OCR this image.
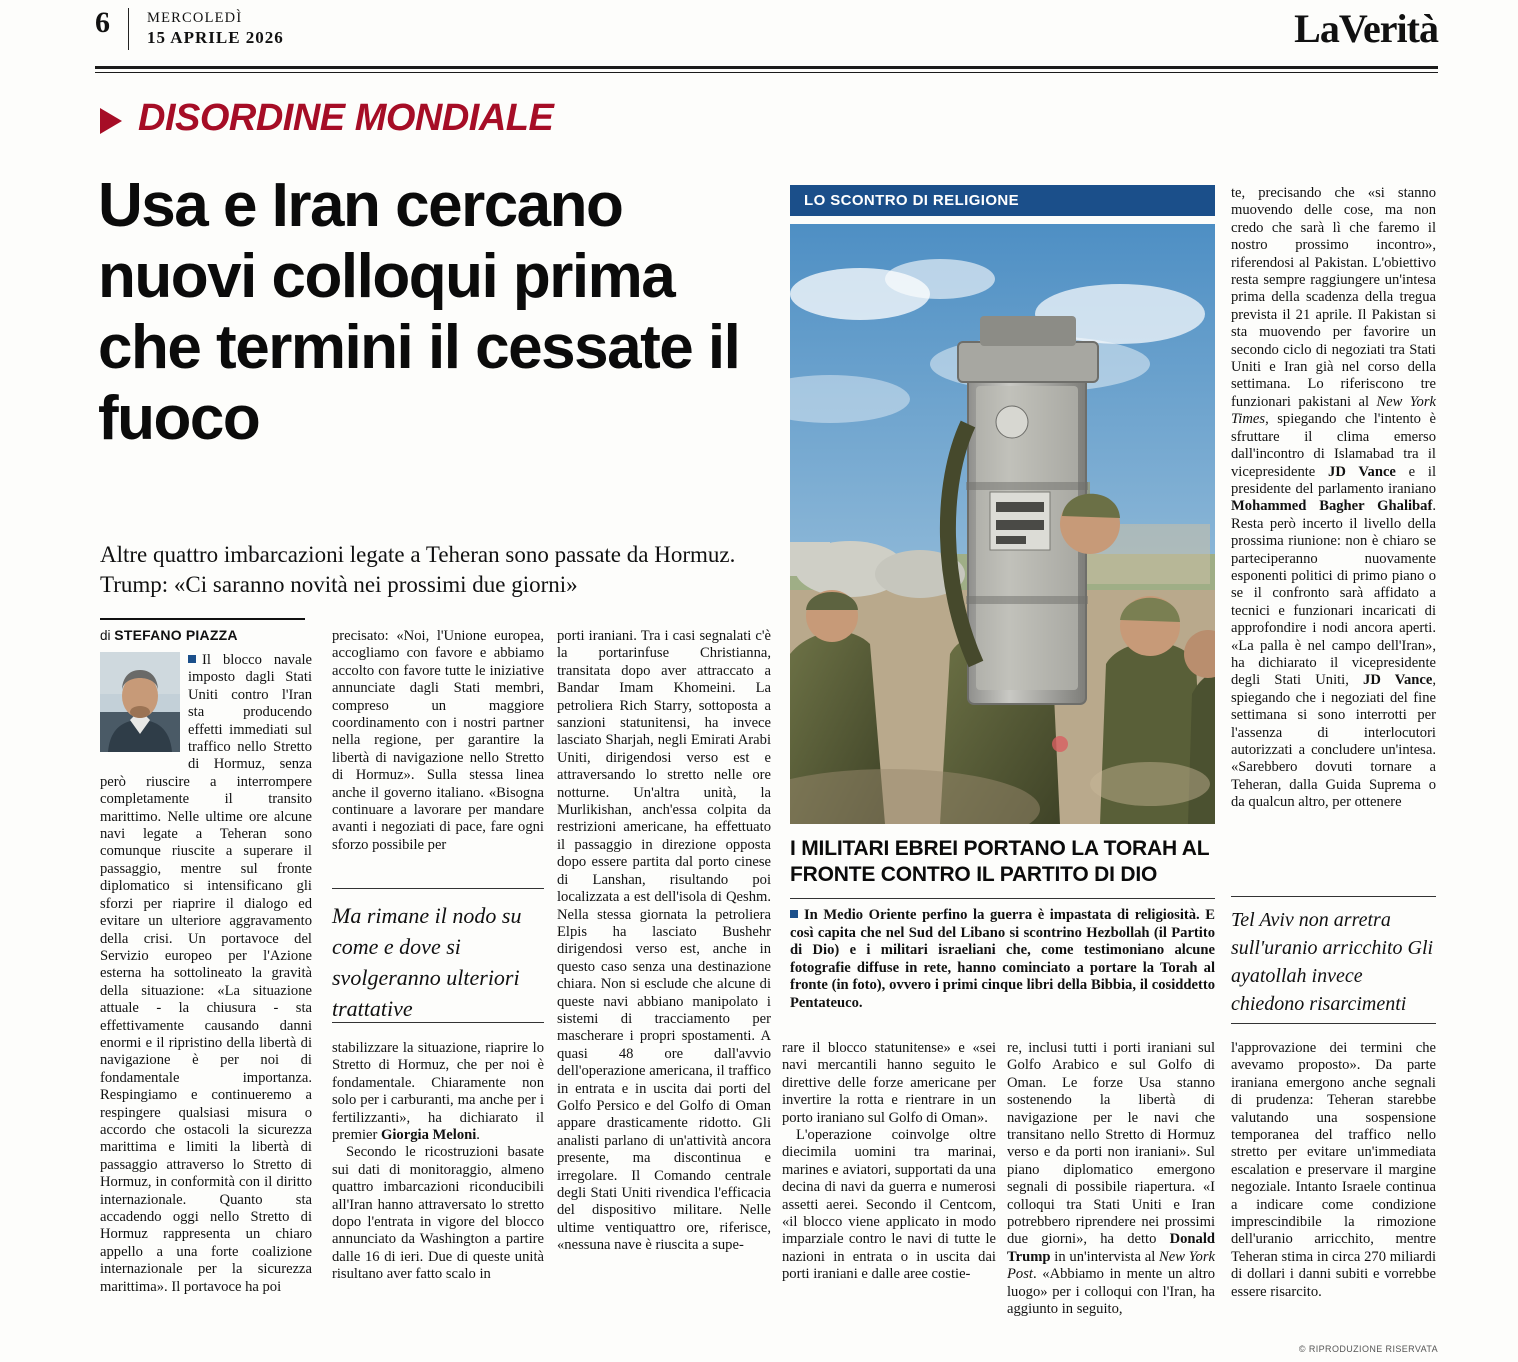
6	MERCOLEDÌ
15 APRILE 2026	LaVerità
DISORDINE MONDIALE
Usa e Iran cercano nuovi colloqui prima che termini il cessate il fuoco
Altre quattro imbarcazioni legate a Teheran sono passate da Hormuz. Trump: «Ci saranno novità nei prossimi due giorni»
di STEFANO PIAZZA

Il blocco navale imposto dagli Stati Uniti contro l'Iran sta producendo effetti immediati sul traffico nello Stretto di Hormuz, senza però riuscire a interrompere completamente il transito marittimo. Nelle ultime ore alcune navi legate a Teheran sono comunque riuscite a superare il passaggio, mentre sul fronte diplomatico si intensificano gli sforzi per riaprire il dialogo ed evitare un ulteriore aggravamento della crisi. Un portavoce del Servizio europeo per l'Azione esterna ha sottolineato la gravità della situazione: «La situazione attuale - la chiusura - sta effettivamente causando danni enormi e il ripristino della libertà di navigazione è per noi di fondamentale importanza. Respingiamo e continueremo a respingere qualsiasi misura o accordo che ostacoli la sicurezza marittima e limiti la libertà di passaggio attraverso lo Stretto di Hormuz, in conformità con il diritto internazionale. Quanto sta accadendo oggi nello Stretto di Hormuz rappresenta un chiaro appello a una forte coalizione internazionale per la sicurezza marittima». Il portavoce ha poi

precisato: «Noi, l'Unione europea, accogliamo con favore e abbiamo accolto con favore tutte le iniziative annunciate dagli Stati membri, compreso un maggiore coordinamento con i nostri partner nella regione, per garantire la libertà di navigazione nello Stretto di Hormuz». Sulla stessa linea anche il governo italiano. «Bisogna continuare a lavorare per mandare avanti i negoziati di pace, fare ogni sforzo possibile per

Ma rimane il nodo su come e dove si svolgeranno ulteriori trattative

stabilizzare la situazione, riaprire lo Stretto di Hormuz, che per noi è fondamentale. Chiaramente non solo per i carburanti, ma anche per i fertilizzanti», ha dichiarato il premier Giorgia Meloni.

Secondo le ricostruzioni basate sui dati di monitoraggio, almeno quattro imbarcazioni riconducibili all'Iran hanno attraversato lo stretto dopo l'entrata in vigore del blocco annunciato da Washington a partire dalle 16 di ieri. Due di queste unità risultano aver fatto scalo in

porti iraniani. Tra i casi segnalati c'è la portarinfuse Christianna, transitata dopo aver attraccato a Bandar Imam Khomeini. La petroliera Rich Starry, sottoposta a sanzioni statunitensi, ha invece lasciato Sharjah, negli Emirati Arabi Uniti, dirigendosi verso est e attraversando lo stretto nelle ore notturne. Un'altra unità, la Murlikishan, anch'essa colpita da restrizioni americane, ha effettuato il passaggio in direzione opposta dopo essere partita dal porto cinese di Lanshan, risultando poi localizzata a est dell'isola di Qeshm. Nella stessa giornata la petroliera Elpis ha lasciato Bushehr dirigendosi verso est, anche in questo caso senza una destinazione chiara. Non si esclude che alcune di queste navi abbiano manipolato i sistemi di tracciamento per mascherare i propri spostamenti. A quasi 48 ore dall'avvio dell'operazione americana, il traffico in entrata e in uscita dai porti del Golfo Persico e del Golfo di Oman appare drasticamente ridotto. Gli analisti parlano di un'attività ancora presente, ma discontinua e irregolare. Il Comando centrale degli Stati Uniti rivendica l'efficacia del dispositivo militare. Nelle ultime ventiquattro ore, riferisce, «nessuna nave è riuscita a supe-

LO SCONTRO DI RELIGIONE
I MILITARI EBREI PORTANO LA TORAH AL FRONTE CONTRO IL PARTITO DI DIO
In Medio Oriente perfino la guerra è impastata di religiosità. E così capita che nel Sud del Libano si scontrino Hezbollah (il Partito di Dio) e i militari israeliani che, come testimoniano alcune fotografie diffuse in rete, hanno cominciato a portare la Torah al fronte (in foto), ovvero i primi cinque libri della Bibbia, il cosiddetto Pentateuco.

rare il blocco statunitense» e «sei navi mercantili hanno seguito le direttive delle forze americane per invertire la rotta e rientrare in un porto iraniano sul Golfo di Oman».

L'operazione coinvolge oltre diecimila uomini tra marinai, marines e aviatori, supportati da una decina di navi da guerra e numerosi assetti aerei. Secondo il Centcom, «il blocco viene applicato in modo imparziale contro le navi di tutte le nazioni in entrata o in uscita dai porti iraniani e dalle aree costie-

re, inclusi tutti i porti iraniani sul Golfo Arabico e sul Golfo di Oman. Le forze Usa stanno sostenendo la libertà di navigazione per le navi che transitano nello Stretto di Hormuz verso e da porti non iraniani». Sul piano diplomatico emergono segnali di possibile riapertura. «I colloqui tra Stati Uniti e Iran potrebbero riprendere nei prossimi due giorni», ha detto Donald Trump in un'intervista al New York Post. «Abbiamo in mente un altro luogo» per i colloqui con l'Iran, ha aggiunto in seguito,

te, precisando che «si stanno muovendo delle cose, ma non credo che sarà lì che faremo il nostro prossimo incontro», riferendosi al Pakistan. L'obiettivo resta sempre raggiungere un'intesa prima della scadenza della tregua prevista il 21 aprile. Il Pakistan si sta muovendo per favorire un secondo ciclo di negoziati tra Stati Uniti e Iran già nel corso della settimana. Lo riferiscono tre funzionari pakistani al New York Times, spiegando che l'intento è sfruttare il clima emerso dall'incontro di Islamabad tra il vicepresidente JD Vance e il presidente del parlamento iraniano Mohammed Bagher Ghalibaf. Resta però incerto il livello della prossima riunione: non è chiaro se parteciperanno nuovamente esponenti politici di primo piano o se il confronto sarà affidato a tecnici e funzionari incaricati di approfondire i nodi ancora aperti. «La palla è nel campo dell'Iran», ha dichiarato il vicepresidente degli Stati Uniti, JD Vance, spiegando che i negoziati del fine settimana si sono interrotti per l'assenza di interlocutori autorizzati a concludere un'intesa. «Sarebbero dovuti tornare a Teheran, dalla Guida Suprema o da qualcun altro, per ottenere

Tel Aviv non arretra sull'uranio arricchito Gli ayatollah invece chiedono risarcimenti

l'approvazione dei termini che avevamo proposto». Da parte iraniana emergono anche segnali di prudenza: Teheran starebbe valutando una sospensione temporanea del traffico nello stretto per evitare un'immediata escalation e preservare il margine negoziale. Intanto Israele continua a indicare come condizione imprescindibile la rimozione dell'uranio arricchito, mentre Teheran stima in circa 270 miliardi di dollari i danni subiti e vorrebbe essere risarcito.

© RIPRODUZIONE RISERVATA
